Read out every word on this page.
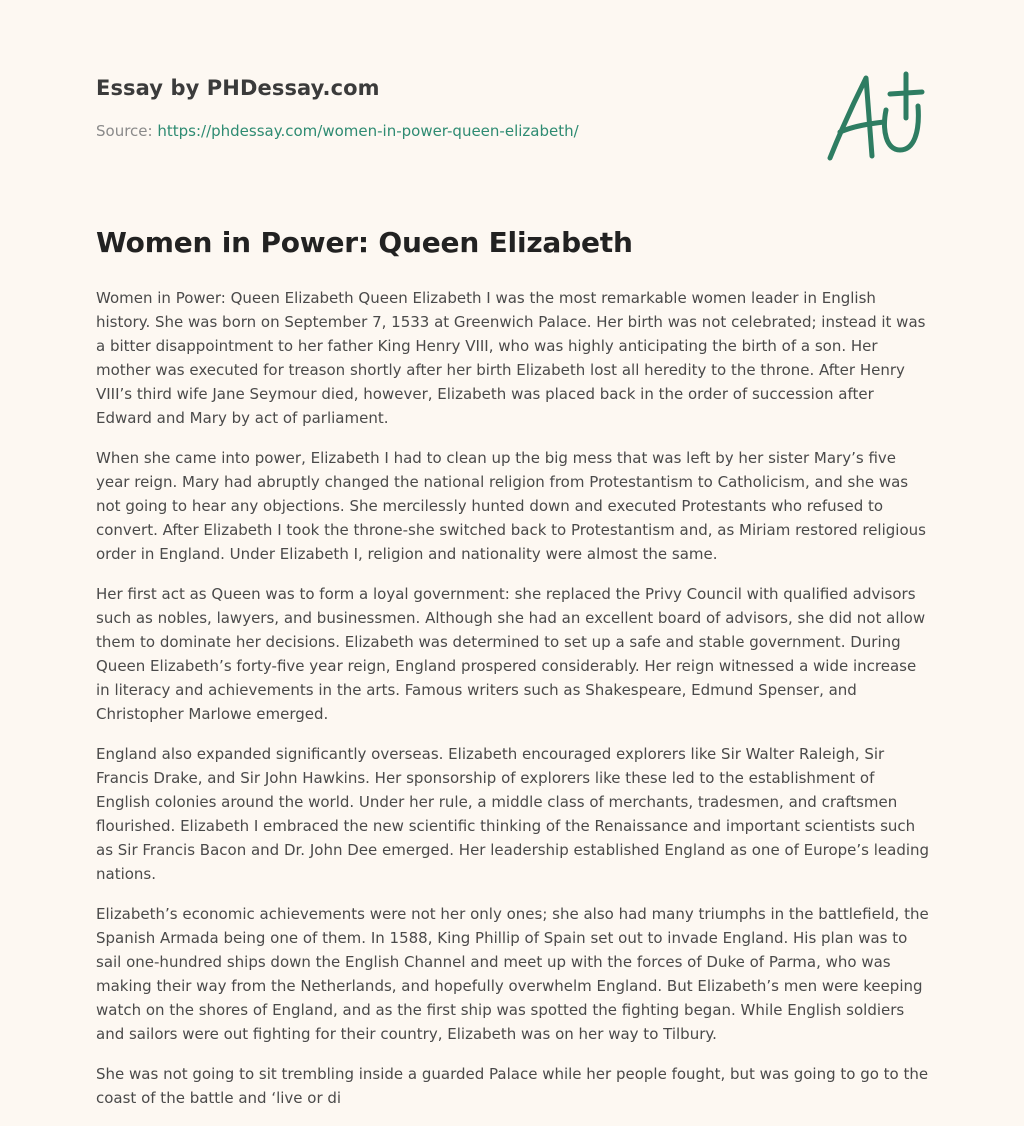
Essay by PHDessay.com
Source: https://phdessay.com/women-in-power-queen-elizabeth/
Women in Power: Queen Elizabeth

Women in Power: Queen Elizabeth Queen Elizabeth I was the most remarkable women leader in English history. She was born on September 7, 1533 at Greenwich Palace. Her birth was not celebrated; instead it was a bitter disappointment to her father King Henry VIII, who was highly anticipating the birth of a son. Her mother was executed for treason shortly after her birth Elizabeth lost all heredity to the throne. After Henry VIII’s third wife Jane Seymour died, however, Elizabeth was placed back in the order of succession after Edward and Mary by act of parliament.

When she came into power, Elizabeth I had to clean up the big mess that was left by her sister Mary’s five year reign. Mary had abruptly changed the national religion from Protestantism to Catholicism, and she was not going to hear any objections. She mercilessly hunted down and executed Protestants who refused to convert. After Elizabeth I took the throne-she switched back to Protestantism and, as Miriam restored religious order in England. Under Elizabeth I, religion and nationality were almost the same.

Her first act as Queen was to form a loyal government: she replaced the Privy Council with qualified advisors such as nobles, lawyers, and businessmen. Although she had an excellent board of advisors, she did not allow them to dominate her decisions. Elizabeth was determined to set up a safe and stable government. During Queen Elizabeth’s forty-five year reign, England prospered considerably. Her reign witnessed a wide increase in literacy and achievements in the arts. Famous writers such as Shakespeare, Edmund Spenser, and Christopher Marlowe emerged.

England also expanded significantly overseas. Elizabeth encouraged explorers like Sir Walter Raleigh, Sir Francis Drake, and Sir John Hawkins. Her sponsorship of explorers like these led to the establishment of English colonies around the world. Under her rule, a middle class of merchants, tradesmen, and craftsmen flourished. Elizabeth I embraced the new scientific thinking of the Renaissance and important scientists such as Sir Francis Bacon and Dr. John Dee emerged. Her leadership established England as one of Europe’s leading nations.

Elizabeth’s economic achievements were not her only ones; she also had many triumphs in the battlefield, the Spanish Armada being one of them. In 1588, King Phillip of Spain set out to invade England. His plan was to sail one-hundred ships down the English Channel and meet up with the forces of Duke of Parma, who was making their way from the Netherlands, and hopefully overwhelm England. But Elizabeth’s men were keeping watch on the shores of England, and as the first ship was spotted the fighting began. While English soldiers and sailors were out fighting for their country, Elizabeth was on her way to Tilbury.

She was not going to sit trembling inside a guarded Palace while her people fought, but was going to go to the coast of the battle and ‘live or di
